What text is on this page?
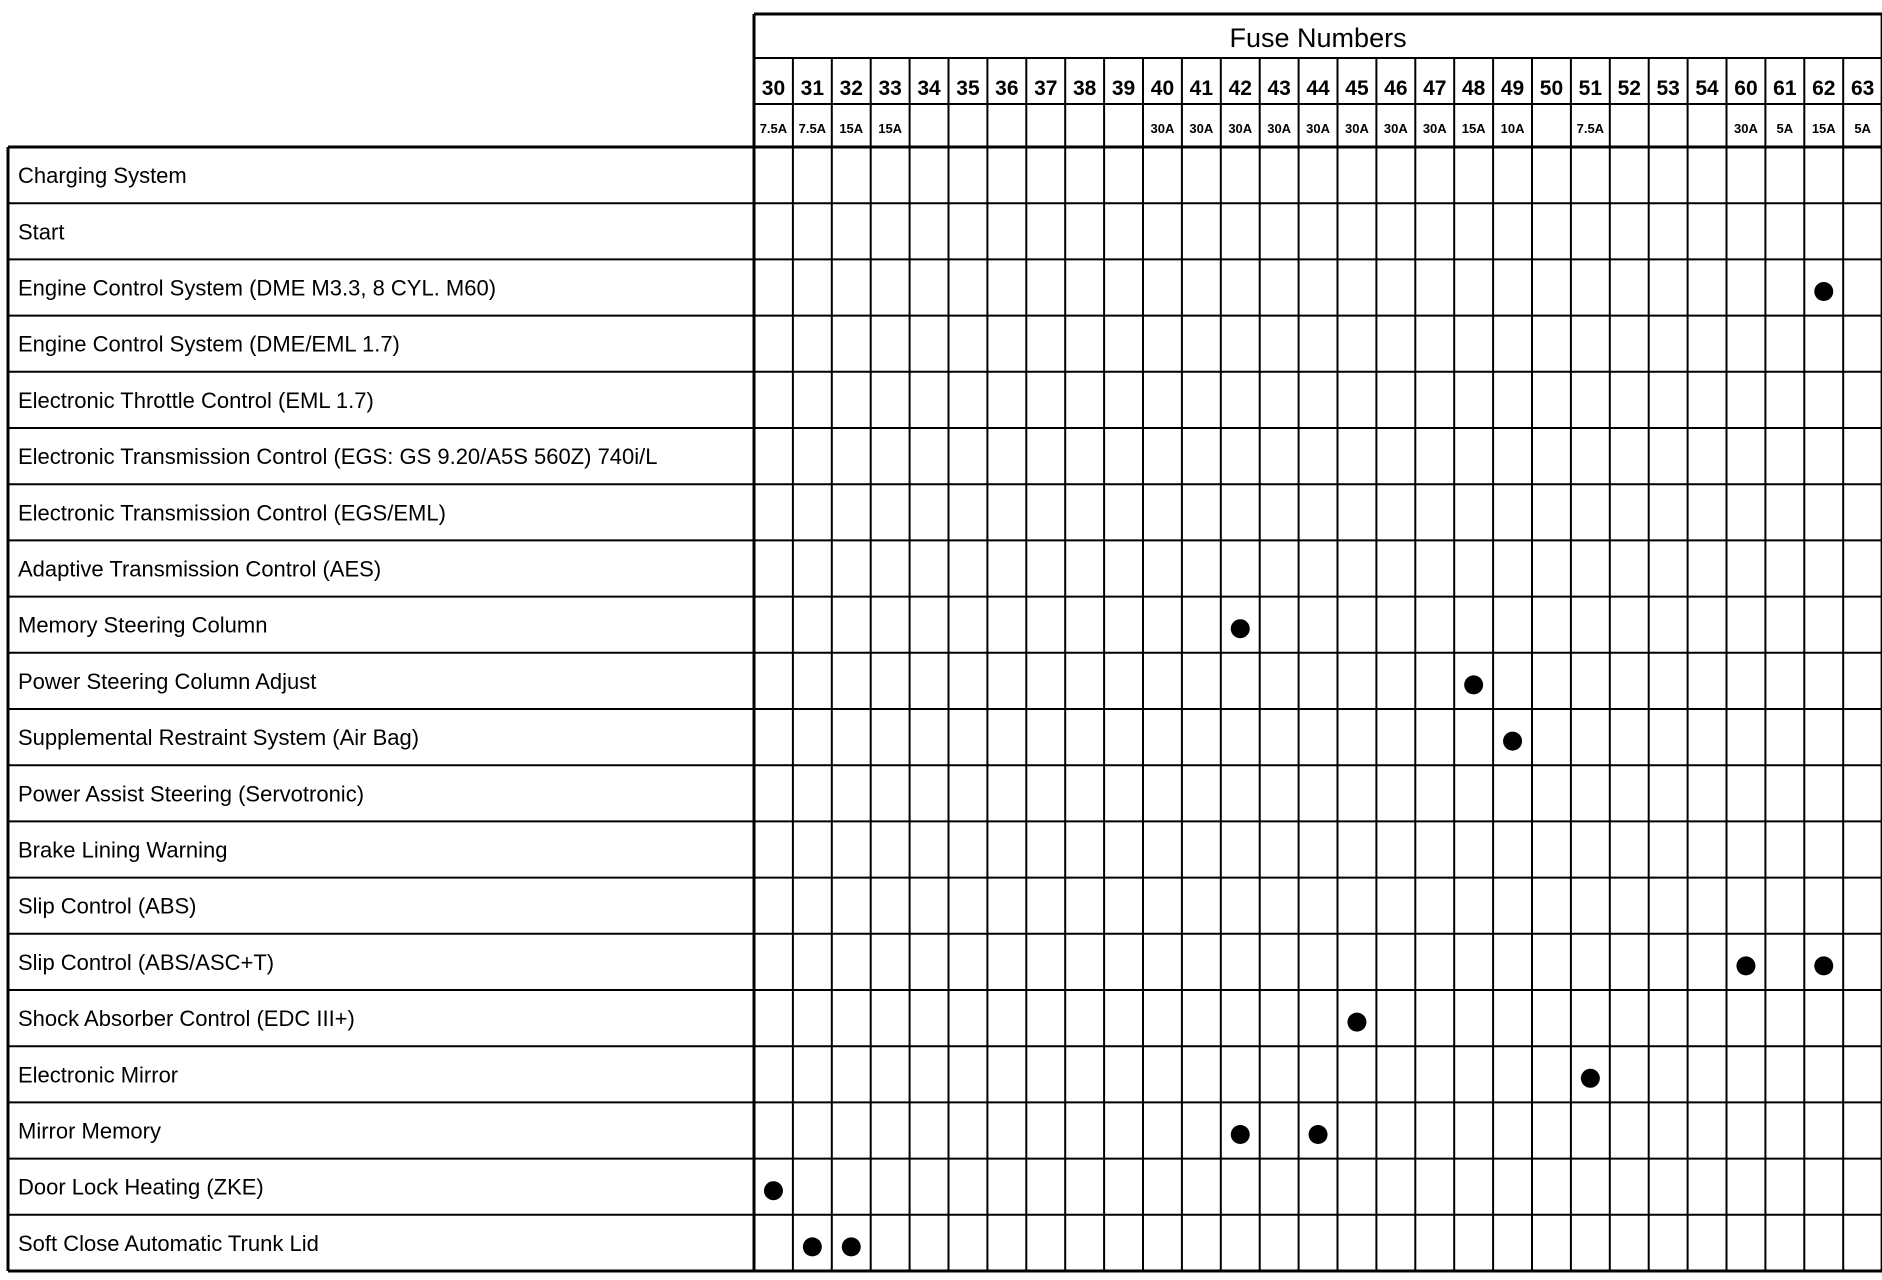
Fuse Numbers
30
7.5A
31
7.5A
32
15A
33
15A
34 35 36 37 38 39 40
30A
41
30A
42
30A
43
30A
44
30A
45
30A
46
30A
47
30A
48
15A
49
10A
50 51
7.5A
52 53 54 60
30A
61
5A
62
15A
63
5A
Charging System
Start
Engine Control System (DME M3.3, 8 CYL. M60)
Engine Control System (DME/EML 1.7)
Electronic Throttle Control (EML 1.7)
Electronic Transmission Control (EGS: GS 9.20/A5S 560Z) 740i/L
Electronic Transmission Control (EGS/EML)
Adaptive Transmission Control (AES)
Memory Steering Column
Power Steering Column Adjust
Supplemental Restraint System (Air Bag)
Power Assist Steering (Servotronic)
Brake Lining Warning
Slip Control (ABS)
Slip Control (ABS/ASC+T)
Shock Absorber Control (EDC III+)
Electronic Mirror
Mirror Memory
Door Lock Heating (ZKE)
Soft Close Automatic Trunk Lid
